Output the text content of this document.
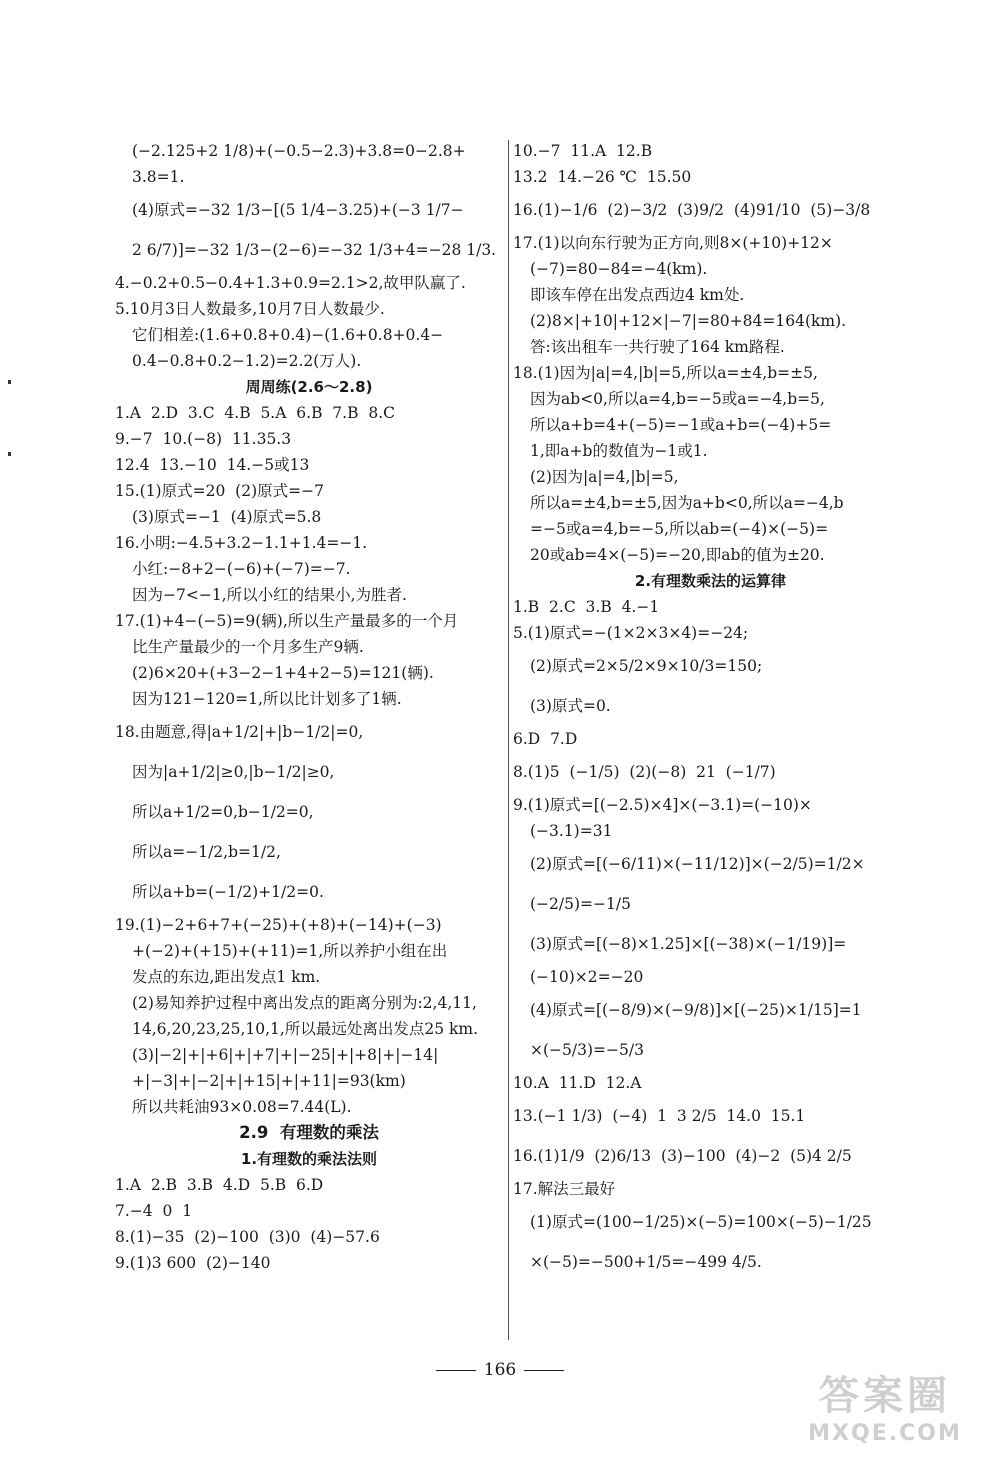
(−2.125+2 1/8)+(−0.5−2.3)+3.8=0−2.8+
3.8=1.
(4)原式=−32 1/3−[(5 1/4−3.25)+(−3 1/7−
2 6/7)]=−32 1/3−(2−6)=−32 1/3+4=−28 1/3.
4.−0.2+0.5−0.4+1.3+0.9=2.1>2,故甲队赢了.
5.10月3日人数最多,10月7日人数最少.
它们相差:(1.6+0.8+0.4)−(1.6+0.8+0.4−
0.4−0.8+0.2−1.2)=2.2(万人).
周周练(2.6～2.8)
1.A  2.D  3.C  4.B  5.A  6.B  7.B  8.C
9.−7  10.(−8)  11.35.3
12.4  13.−10  14.−5或13
15.(1)原式=20  (2)原式=−7
(3)原式=−1  (4)原式=5.8
16.小明:−4.5+3.2−1.1+1.4=−1.
小红:−8+2−(−6)+(−7)=−7.
因为−7<−1,所以小红的结果小,为胜者.
17.(1)+4−(−5)=9(辆),所以生产量最多的一个月
比生产量最少的一个月多生产9辆.
(2)6×20+(+3−2−1+4+2−5)=121(辆).
因为121−120=1,所以比计划多了1辆.
18.由题意,得|a+1/2|+|b−1/2|=0,
因为|a+1/2|≥0,|b−1/2|≥0,
所以a+1/2=0,b−1/2=0,
所以a=−1/2,b=1/2,
所以a+b=(−1/2)+1/2=0.
19.(1)−2+6+7+(−25)+(+8)+(−14)+(−3)
+(−2)+(+15)+(+11)=1,所以养护小组在出
发点的东边,距出发点1 km.
(2)易知养护过程中离出发点的距离分别为:2,4,11,
14,6,20,23,25,10,1,所以最远处离出发点25 km.
(3)|−2|+|+6|+|+7|+|−25|+|+8|+|−14|
+|−3|+|−2|+|+15|+|+11|=93(km)
所以共耗油93×0.08=7.44(L).
2.9  有理数的乘法
1.有理数的乘法法则
1.A  2.B  3.B  4.D  5.B  6.D
7.−4  0  1
8.(1)−35  (2)−100  (3)0  (4)−57.6
9.(1)3 600  (2)−140
10.−7  11.A  12.B
13.2  14.−26 ℃  15.50
16.(1)−1/6  (2)−3/2  (3)9/2  (4)91/10  (5)−3/8
17.(1)以向东行驶为正方向,则8×(+10)+12×
(−7)=80−84=−4(km).
即该车停在出发点西边4 km处.
(2)8×|+10|+12×|−7|=80+84=164(km).
答:该出租车一共行驶了164 km路程.
18.(1)因为|a|=4,|b|=5,所以a=±4,b=±5,
因为ab<0,所以a=4,b=−5或a=−4,b=5,
所以a+b=4+(−5)=−1或a+b=(−4)+5=
1,即a+b的数值为−1或1.
(2)因为|a|=4,|b|=5,
所以a=±4,b=±5,因为a+b<0,所以a=−4,b
=−5或a=4,b=−5,所以ab=(−4)×(−5)=
20或ab=4×(−5)=−20,即ab的值为±20.
2.有理数乘法的运算律
1.B  2.C  3.B  4.−1
5.(1)原式=−(1×2×3×4)=−24;
(2)原式=2×5/2×9×10/3=150;
(3)原式=0.
6.D  7.D
8.(1)5  (−1/5)  (2)(−8)  21  (−1/7)
9.(1)原式=[(−2.5)×4]×(−3.1)=(−10)×
(−3.1)=31
(2)原式=[(−6/11)×(−11/12)]×(−2/5)=1/2×
(−2/5)=−1/5
(3)原式=[(−8)×1.25]×[(−38)×(−1/19)]=
(−10)×2=−20
(4)原式=[(−8/9)×(−9/8)]×[(−25)×1/15]=1
×(−5/3)=−5/3
10.A  11.D  12.A
13.(−1 1/3)  (−4)  1  3 2/5  14.0  15.1
16.(1)1/9  (2)6/13  (3)−100  (4)−2  (5)4 2/5
17.解法三最好
(1)原式=(100−1/25)×(−5)=100×(−5)−1/25
×(−5)=−500+1/5=−499 4/5.
166
答案圈
MXQE.COM
